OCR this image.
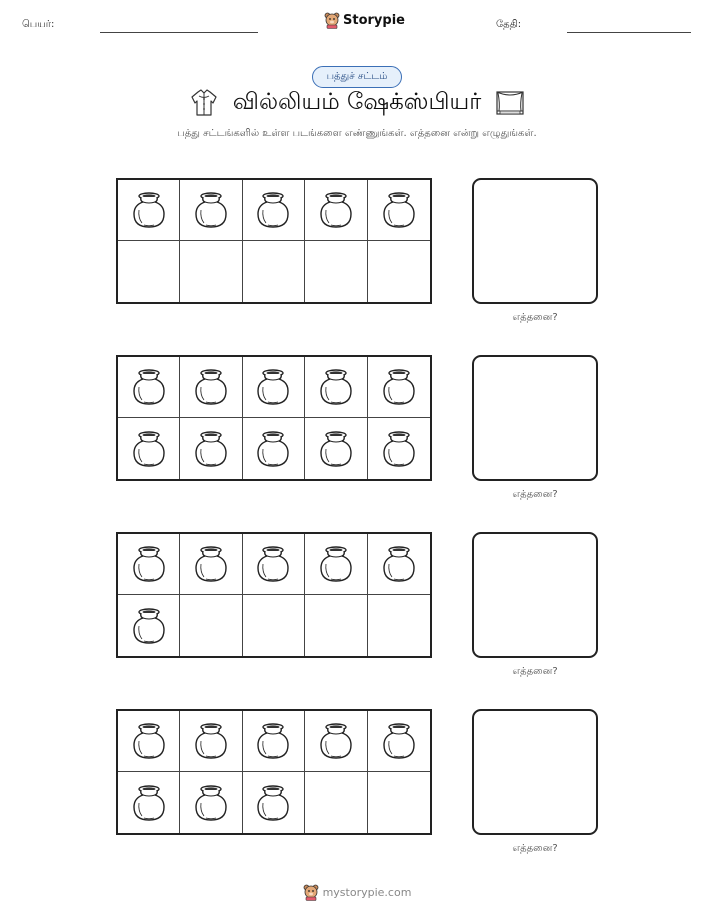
பெயர்:	Storypie	தேதி:
பத்துச் சட்டம்
வில்லியம் ஷேக்ஸ்பியர்
பத்து சட்டங்களில் உள்ள படங்களை எண்ணுங்கள். எத்தனை என்று எழுதுங்கள்.
எத்தனை?
எத்தனை?
எத்தனை?
எத்தனை?
mystorypie.com
